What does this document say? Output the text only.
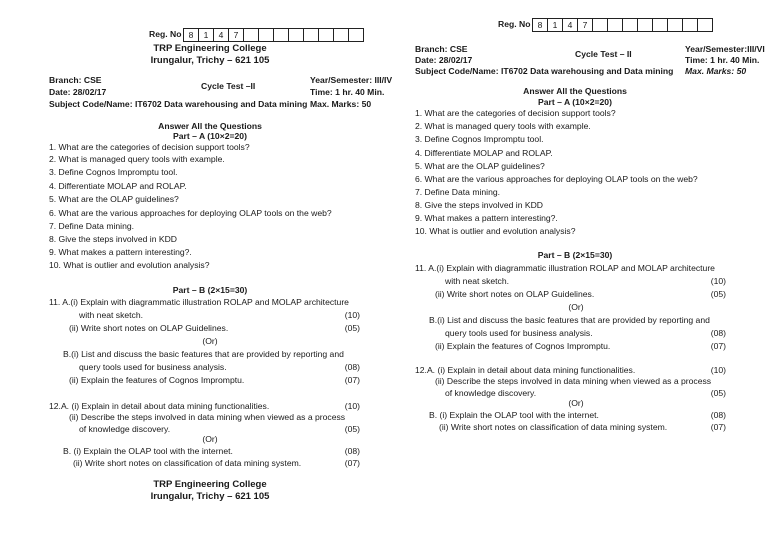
Reg. No 8	1	4	7
TRP Engineering College
Irungalur, Trichy – 621 105
Branch: CSE
Date: 28/02/17
Cycle Test –II
Year/Semester: III/IV
Time: 1 hr. 40 Min.
Subject Code/Name: IT6702 Data warehousing and Data mining Max. Marks: 50
Answer All the Questions
Part – A (10×2=20)
1. What are the categories of decision support tools?
2. What is managed query tools with example.
3. Define Cognos Impromptu tool.
4. Differentiate MOLAP and ROLAP.
5. What are the OLAP guidelines?
6. What are the various approaches for deploying OLAP tools on the web?
7. Define Data mining.
8. Give the steps involved in KDD
9. What makes a pattern interesting?.
10. What is outlier and evolution analysis?
Part – B (2×15=30)
11. A.(i) Explain with diagrammatic illustration ROLAP and MOLAP architecture
with neat sketch.	(10)
(ii) Write short notes on OLAP Guidelines.	(05)
(Or)
B.(i) List and discuss the basic features that are provided by reporting and
query tools used for business analysis.	(08)
(ii) Explain the features of Cognos Impromptu.	(07)
12.A. (i) Explain in detail about data mining functionalities.	(10)
(ii) Describe the steps involved in data mining when viewed as a process
of knowledge discovery.	(05)
(Or)
B. (i) Explain the OLAP tool with the internet.	(08)
(ii) Write short notes on classification of data mining system.	(07)
TRP Engineering College
Irungalur, Trichy – 621 105
Reg. No 8	1	4	7
Branch: CSE
Date: 28/02/17
Cycle Test – II	Year/Semester:III/VI
Time: 1 hr. 40 Min.
Subject Code/Name: IT6702 Data warehousing and Data mining Max. Marks: 50
Answer All the Questions
Part – A (10×2=20)
1. What are the categories of decision support tools?
2. What is managed query tools with example.
3. Define Cognos Impromptu tool.
4. Differentiate MOLAP and ROLAP.
5. What are the OLAP guidelines?
6. What are the various approaches for deploying OLAP tools on the web?
7. Define Data mining.
8. Give the steps involved in KDD
9. What makes a pattern interesting?.
10. What is outlier and evolution analysis?
Part – B (2×15=30)
11. A.(i) Explain with diagrammatic illustration ROLAP and MOLAP architecture
with neat sketch.	(10)
(ii) Write short notes on OLAP Guidelines.	(05)
(Or)
B.(i) List and discuss the basic features that are provided by reporting and
query tools used for business analysis.	(08)
(ii) Explain the features of Cognos Impromptu.	(07)
12.A. (i) Explain in detail about data mining functionalities.	(10)
(ii) Describe the steps involved in data mining when viewed as a process
of knowledge discovery.	(05)
(Or)
B. (i) Explain the OLAP tool with the internet.	(08)
(ii) Write short notes on classification of data mining system.	(07)
